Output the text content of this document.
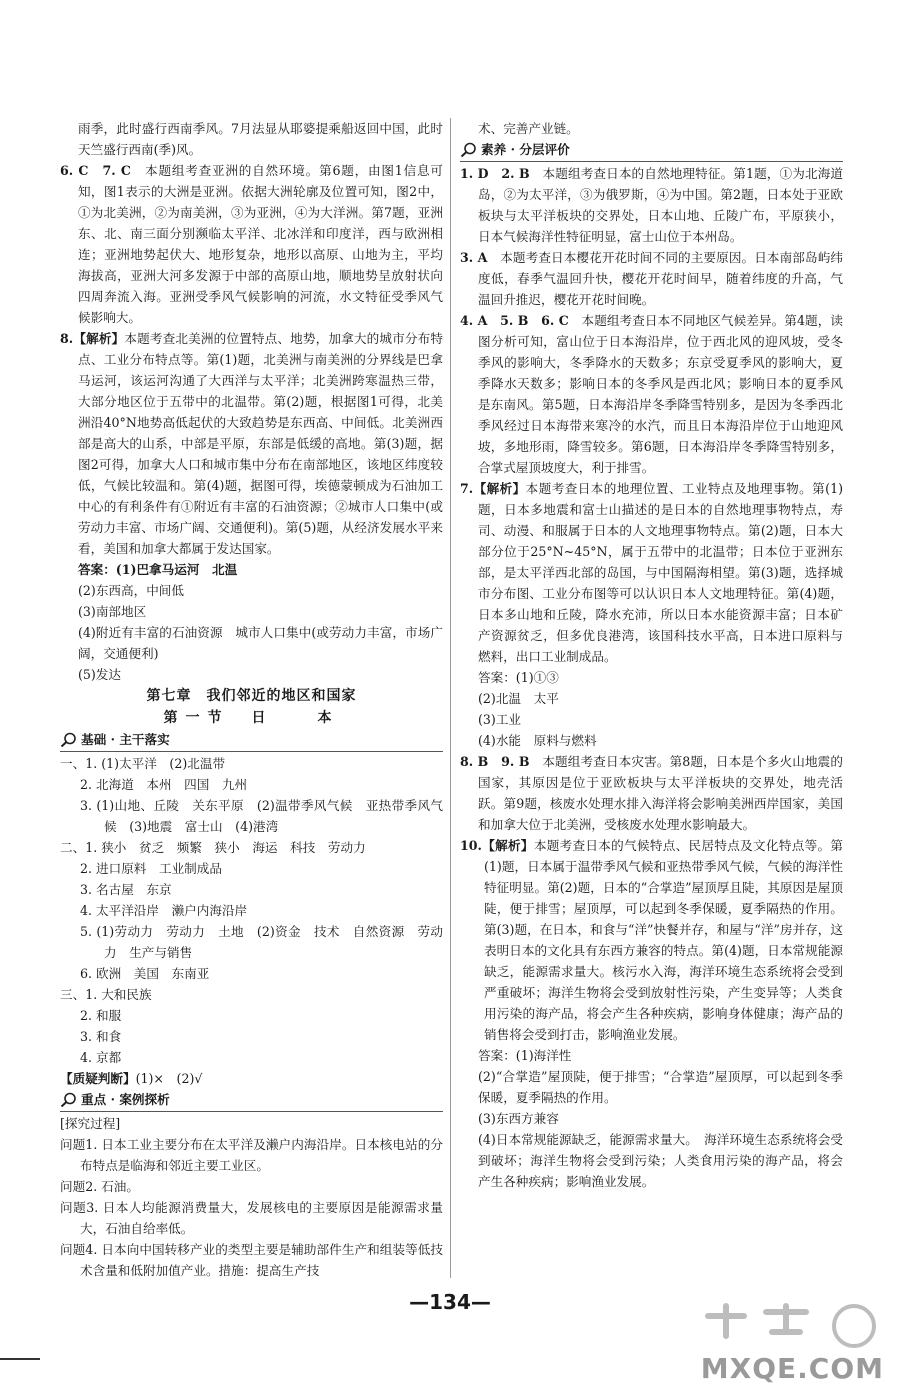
雨季，此时盛行西南季风。7月法显从耶婆提乘船返回中国，此时天竺盛行西南(季)风。

6. C　7. C　本题组考查亚洲的自然环境。第6题，由图1信息可知，图1表示的大洲是亚洲。依据大洲轮廓及位置可知，图2中，①为北美洲，②为南美洲，③为亚洲，④为大洋洲。第7题，亚洲东、北、南三面分别濒临太平洋、北冰洋和印度洋，西与欧洲相连；亚洲地势起伏大、地形复杂，地形以高原、山地为主，平均海拔高，亚洲大河多发源于中部的高原山地，顺地势呈放射状向四周奔流入海。亚洲受季风气候影响的河流，水文特征受季风气候影响大。

8.【解析】本题考查北美洲的位置特点、地势，加拿大的城市分布特点、工业分布特点等。第(1)题，北美洲与南美洲的分界线是巴拿马运河，该运河沟通了大西洋与太平洋；北美洲跨寒温热三带，大部分地区位于五带中的北温带。第(2)题，根据图1可得，北美洲沿40°N地势高低起伏的大致趋势是东西高、中间低。北美洲西部是高大的山系，中部是平原，东部是低缓的高地。第(3)题，据图2可得，加拿大人口和城市集中分布在南部地区，该地区纬度较低，气候比较温和。第(4)题，据图可得，埃德蒙顿成为石油加工中心的有利条件有①附近有丰富的石油资源；②城市人口集中(或劳动力丰富、市场广阔、交通便利)。第(5)题，从经济发展水平来看，美国和加拿大都属于发达国家。

答案：(1)巴拿马运河　北温

(2)东西高，中间低

(3)南部地区

(4)附近有丰富的石油资源　城市人口集中(或劳动力丰富，市场广阔，交通便利)

(5)发达

第七章　我们邻近的地区和国家

第一节　日　　本

基础 · 主干落实

一、1. (1)太平洋　(2)北温带

2. 北海道　本州　四国　九州

3. (1)山地、丘陵　关东平原　(2)温带季风气候　亚热带季风气候　(3)地震　富士山　(4)港湾

二、1. 狭小　贫乏　频繁　狭小　海运　科技　劳动力

2. 进口原料　工业制成品

3. 名古屋　东京

4. 太平洋沿岸　濑户内海沿岸

5. (1)劳动力　劳动力　土地　(2)资金　技术　自然资源　劳动力　生产与销售

6. 欧洲　美国　东南亚

三、1. 大和民族

2. 和服

3. 和食

4. 京都

【质疑判断】(1)×　(2)√

重点 · 案例探析

[探究过程]

问题1. 日本工业主要分布在太平洋及濑户内海沿岸。日本核电站的分布特点是临海和邻近主要工业区。

问题2. 石油。

问题3. 日本人均能源消费量大，发展核电的主要原因是能源需求量大，石油自给率低。

问题4. 日本向中国转移产业的类型主要是辅助部件生产和组装等低技术含量和低附加值产业。措施：提高生产技

术、完善产业链。

素养 · 分层评价

1. D　2. B　本题组考查日本的自然地理特征。第1题，①为北海道岛，②为太平洋，③为俄罗斯，④为中国。第2题，日本处于亚欧板块与太平洋板块的交界处，日本山地、丘陵广布，平原狭小，日本气候海洋性特征明显，富士山位于本州岛。

3. A　本题考查日本樱花开花时间不同的主要原因。日本南部岛屿纬度低，春季气温回升快，樱花开花时间早，随着纬度的升高，气温回升推迟，樱花开花时间晚。

4. A　5. B　6. C　本题组考查日本不同地区气候差异。第4题，读图分析可知，富山位于日本海沿岸，位于西北风的迎风坡，受冬季风的影响大，冬季降水的天数多；东京受夏季风的影响大，夏季降水天数多；影响日本的冬季风是西北风；影响日本的夏季风是东南风。第5题，日本海沿岸冬季降雪特别多，是因为冬季西北季风经过日本海带来寒冷的水汽，而且日本海沿岸位于山地迎风坡，多地形雨，降雪较多。第6题，日本海沿岸冬季降雪特别多，合掌式屋顶坡度大，利于排雪。

7.【解析】本题考查日本的地理位置、工业特点及地理事物。第(1)题，日本多地震和富士山描述的是日本的自然地理事物特点，寿司、动漫、和服属于日本的人文地理事物特点。第(2)题，日本大部分位于25°N~45°N，属于五带中的北温带；日本位于亚洲东部，是太平洋西北部的岛国，与中国隔海相望。第(3)题，选择城市分布图、工业分布图等可以认识日本人文地理特征。第(4)题，日本多山地和丘陵，降水充沛，所以日本水能资源丰富；日本矿产资源贫乏，但多优良港湾，该国科技水平高，日本进口原料与燃料，出口工业制成品。

答案：(1)①③

(2)北温　太平

(3)工业

(4)水能　原料与燃料

8. B　9. B　本题组考查日本灾害。第8题，日本是个多火山地震的国家，其原因是位于亚欧板块与太平洋板块的交界处，地壳活跃。第9题，核废水处理水排入海洋将会影响美洲西岸国家，美国和加拿大位于北美洲，受核废水处理水影响最大。

10.【解析】本题考查日本的气候特点、民居特点及文化特点等。第(1)题，日本属于温带季风气候和亚热带季风气候，气候的海洋性特征明显。第(2)题，日本的“合掌造”屋顶厚且陡，其原因是屋顶陡，便于排雪；屋顶厚，可以起到冬季保暖，夏季隔热的作用。第(3)题，在日本，和食与“洋”快餐并存，和屋与“洋”房并存，这表明日本的文化具有东西方兼容的特点。第(4)题，日本常规能源缺乏，能源需求量大。核污水入海，海洋环境生态系统将会受到严重破坏；海洋生物将会受到放射性污染，产生变异等；人类食用污染的海产品，将会产生各种疾病，影响身体健康；海产品的销售将会受到打击，影响渔业发展。

答案：(1)海洋性

(2)“合掌造”屋顶陡，便于排雪；“合掌造”屋顶厚，可以起到冬季保暖，夏季隔热的作用。

(3)东西方兼容

(4)日本常规能源缺乏，能源需求量大。　海洋环境生态系统将会受到破坏；海洋生物将会受到污染；人类食用污染的海产品，将会产生各种疾病；影响渔业发展。

—134—
MXQE.COM
